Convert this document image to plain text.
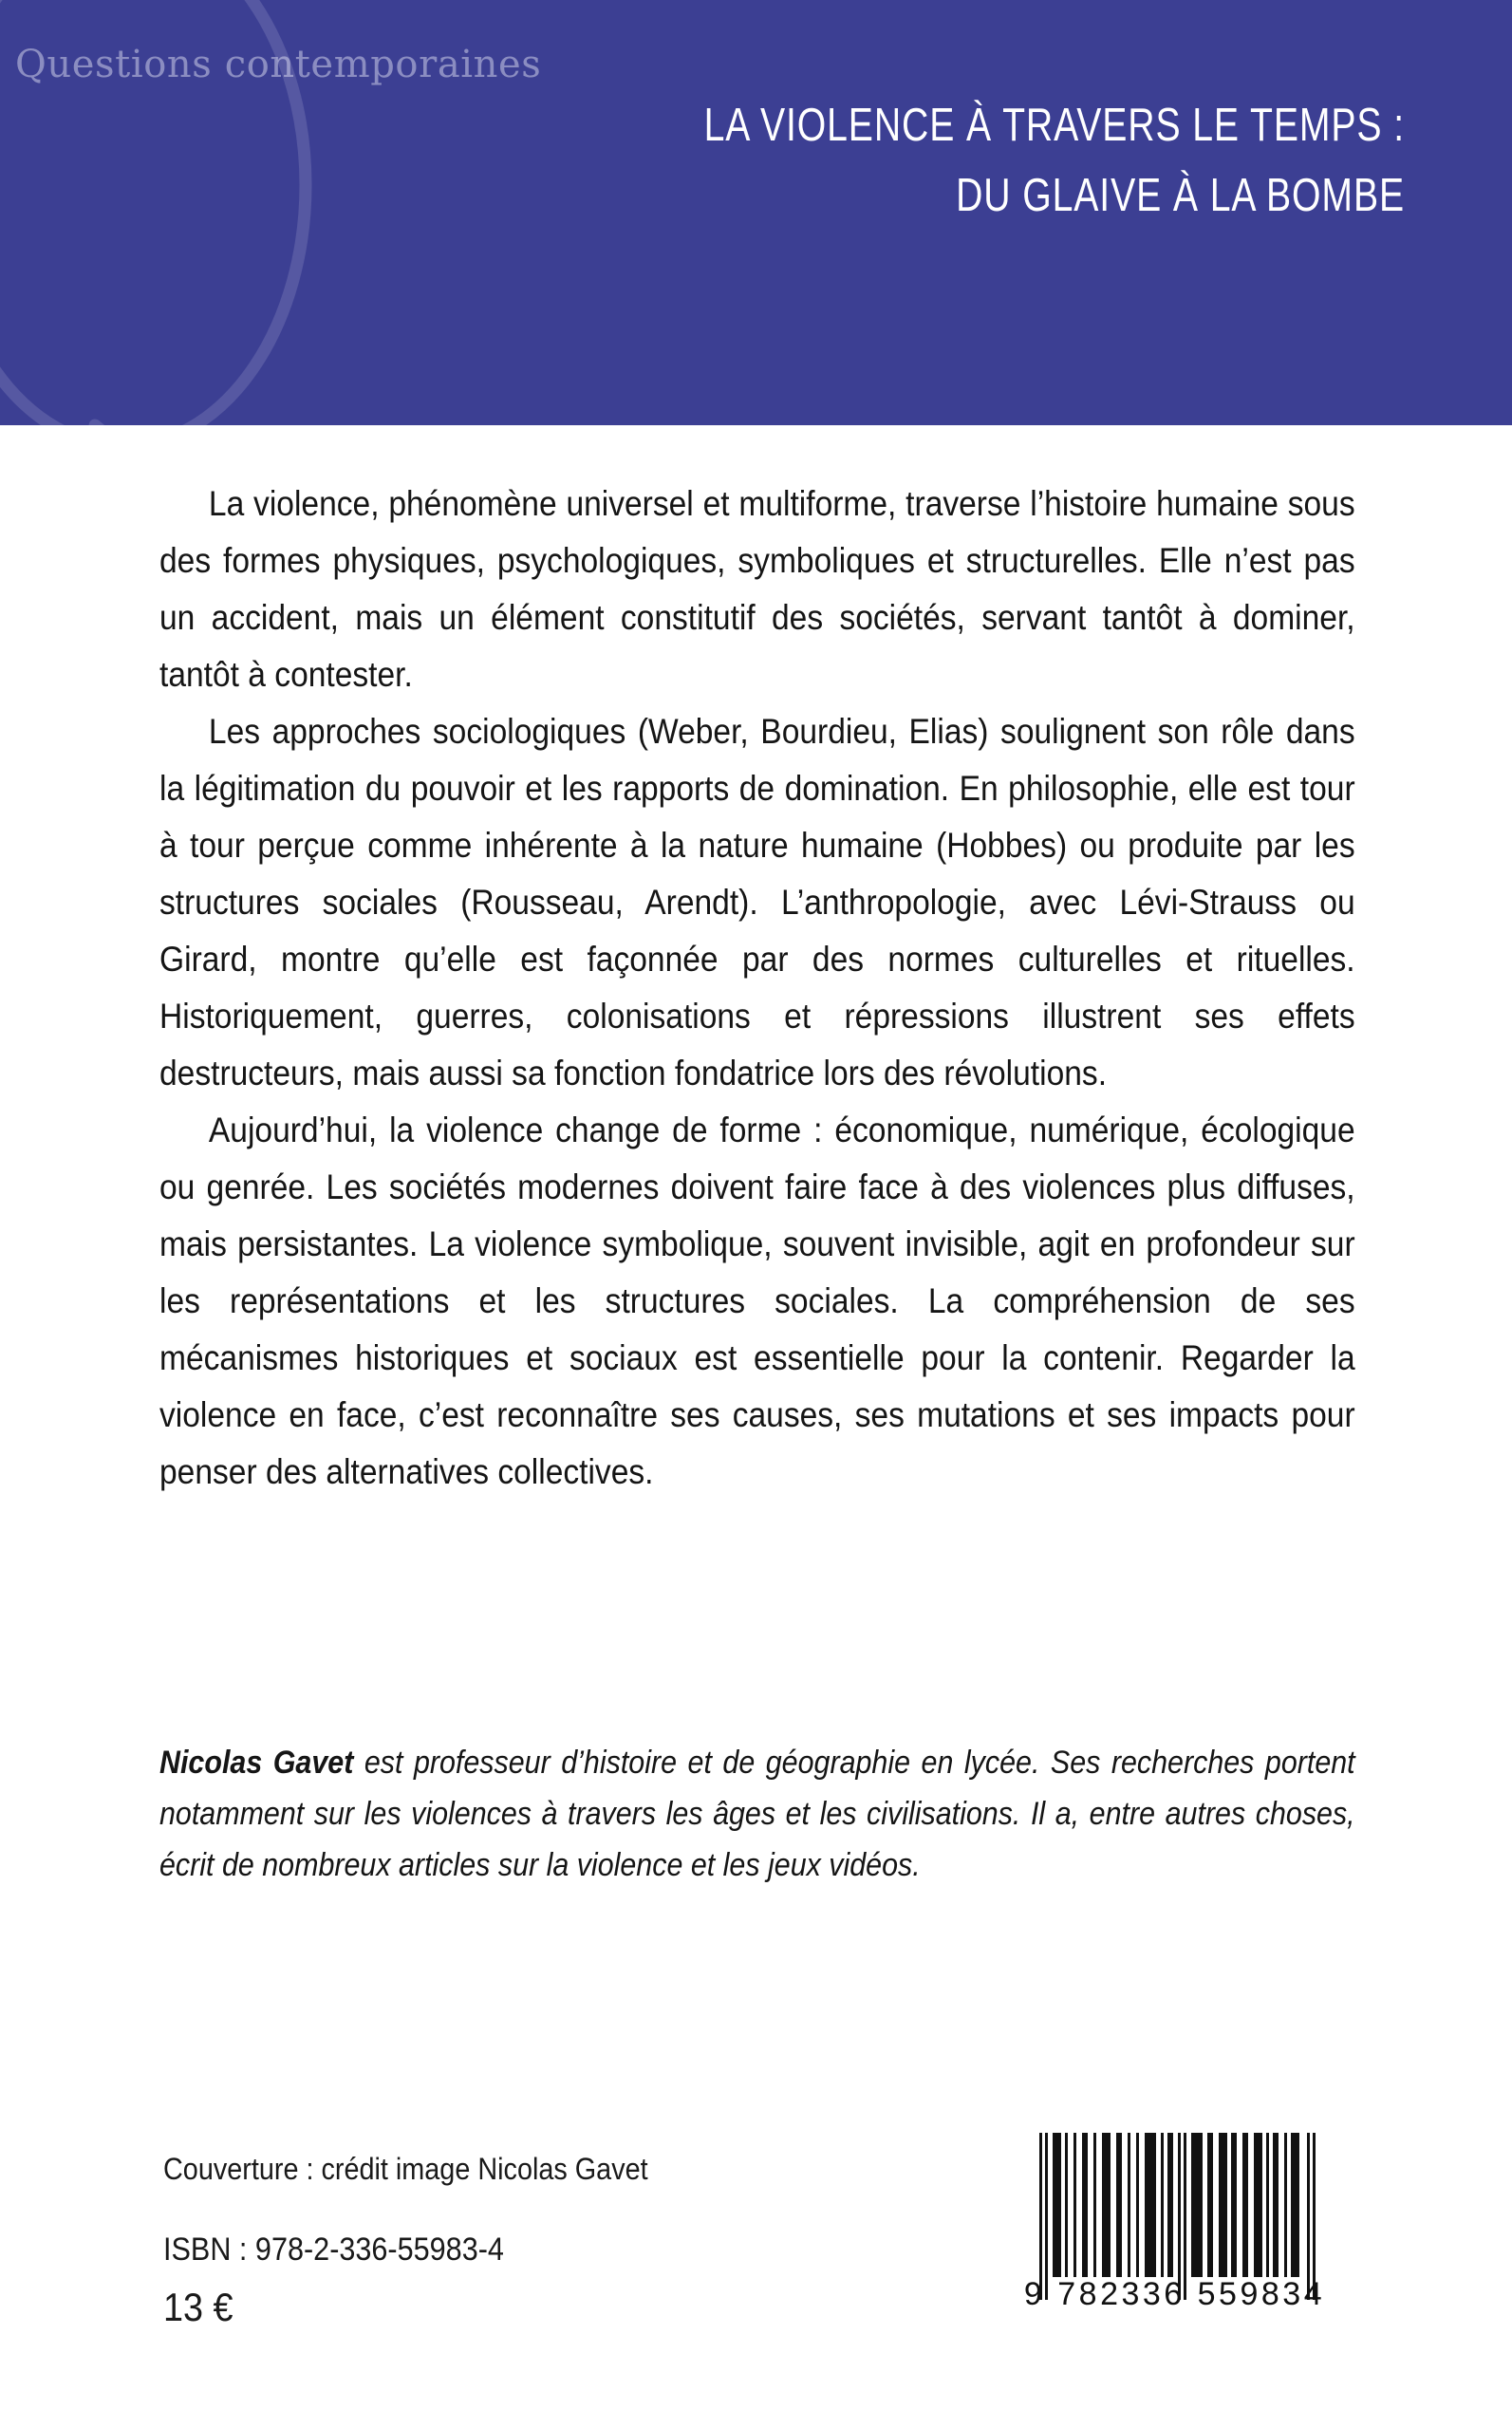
Questions contemporaines
LA VIOLENCE À TRAVERS LE TEMPS :
DU GLAIVE À LA BOMBE

La violence, phénomène universel et multiforme, traverse l’histoire humaine sous des formes physiques, psychologiques, symboliques et structurelles. Elle n’est pas un accident, mais un élément constitutif des sociétés, servant tantôt à dominer, tantôt à contester.

Les approches sociologiques (Weber, Bourdieu, Elias) soulignent son rôle dans la légitimation du pouvoir et les rapports de domination. En philosophie, elle est tour à tour perçue comme inhérente à la nature humaine (Hobbes) ou produite par les structures sociales (Rousseau, Arendt). L’anthropologie, avec Lévi-Strauss ou Girard, montre qu’elle est façonnée par des normes culturelles et rituelles. Historiquement, guerres, colonisations et répressions illustrent ses effets destructeurs, mais aussi sa fonction fondatrice lors des révolutions.

Aujourd’hui, la violence change de forme : économique, numérique, écologique ou genrée. Les sociétés modernes doivent faire face à des violences plus diffuses, mais persistantes. La violence symbolique, souvent invisible, agit en profondeur sur les représentations et les structures sociales. La compréhension de ses mécanismes historiques et sociaux est essentielle pour la contenir. Regarder la violence en face, c’est reconnaître ses causes, ses mutations et ses impacts pour penser des alternatives collectives.

Nicolas Gavet est professeur d’histoire et de géographie en lycée. Ses recherches portent notamment sur les violences à travers les âges et les civilisations. Il a, entre autres choses, écrit de nombreux articles sur la violence et les jeux vidéos.

Couverture : crédit image Nicolas Gavet
ISBN : 978-2-336-55983-4
13 €	9 782336 559834
